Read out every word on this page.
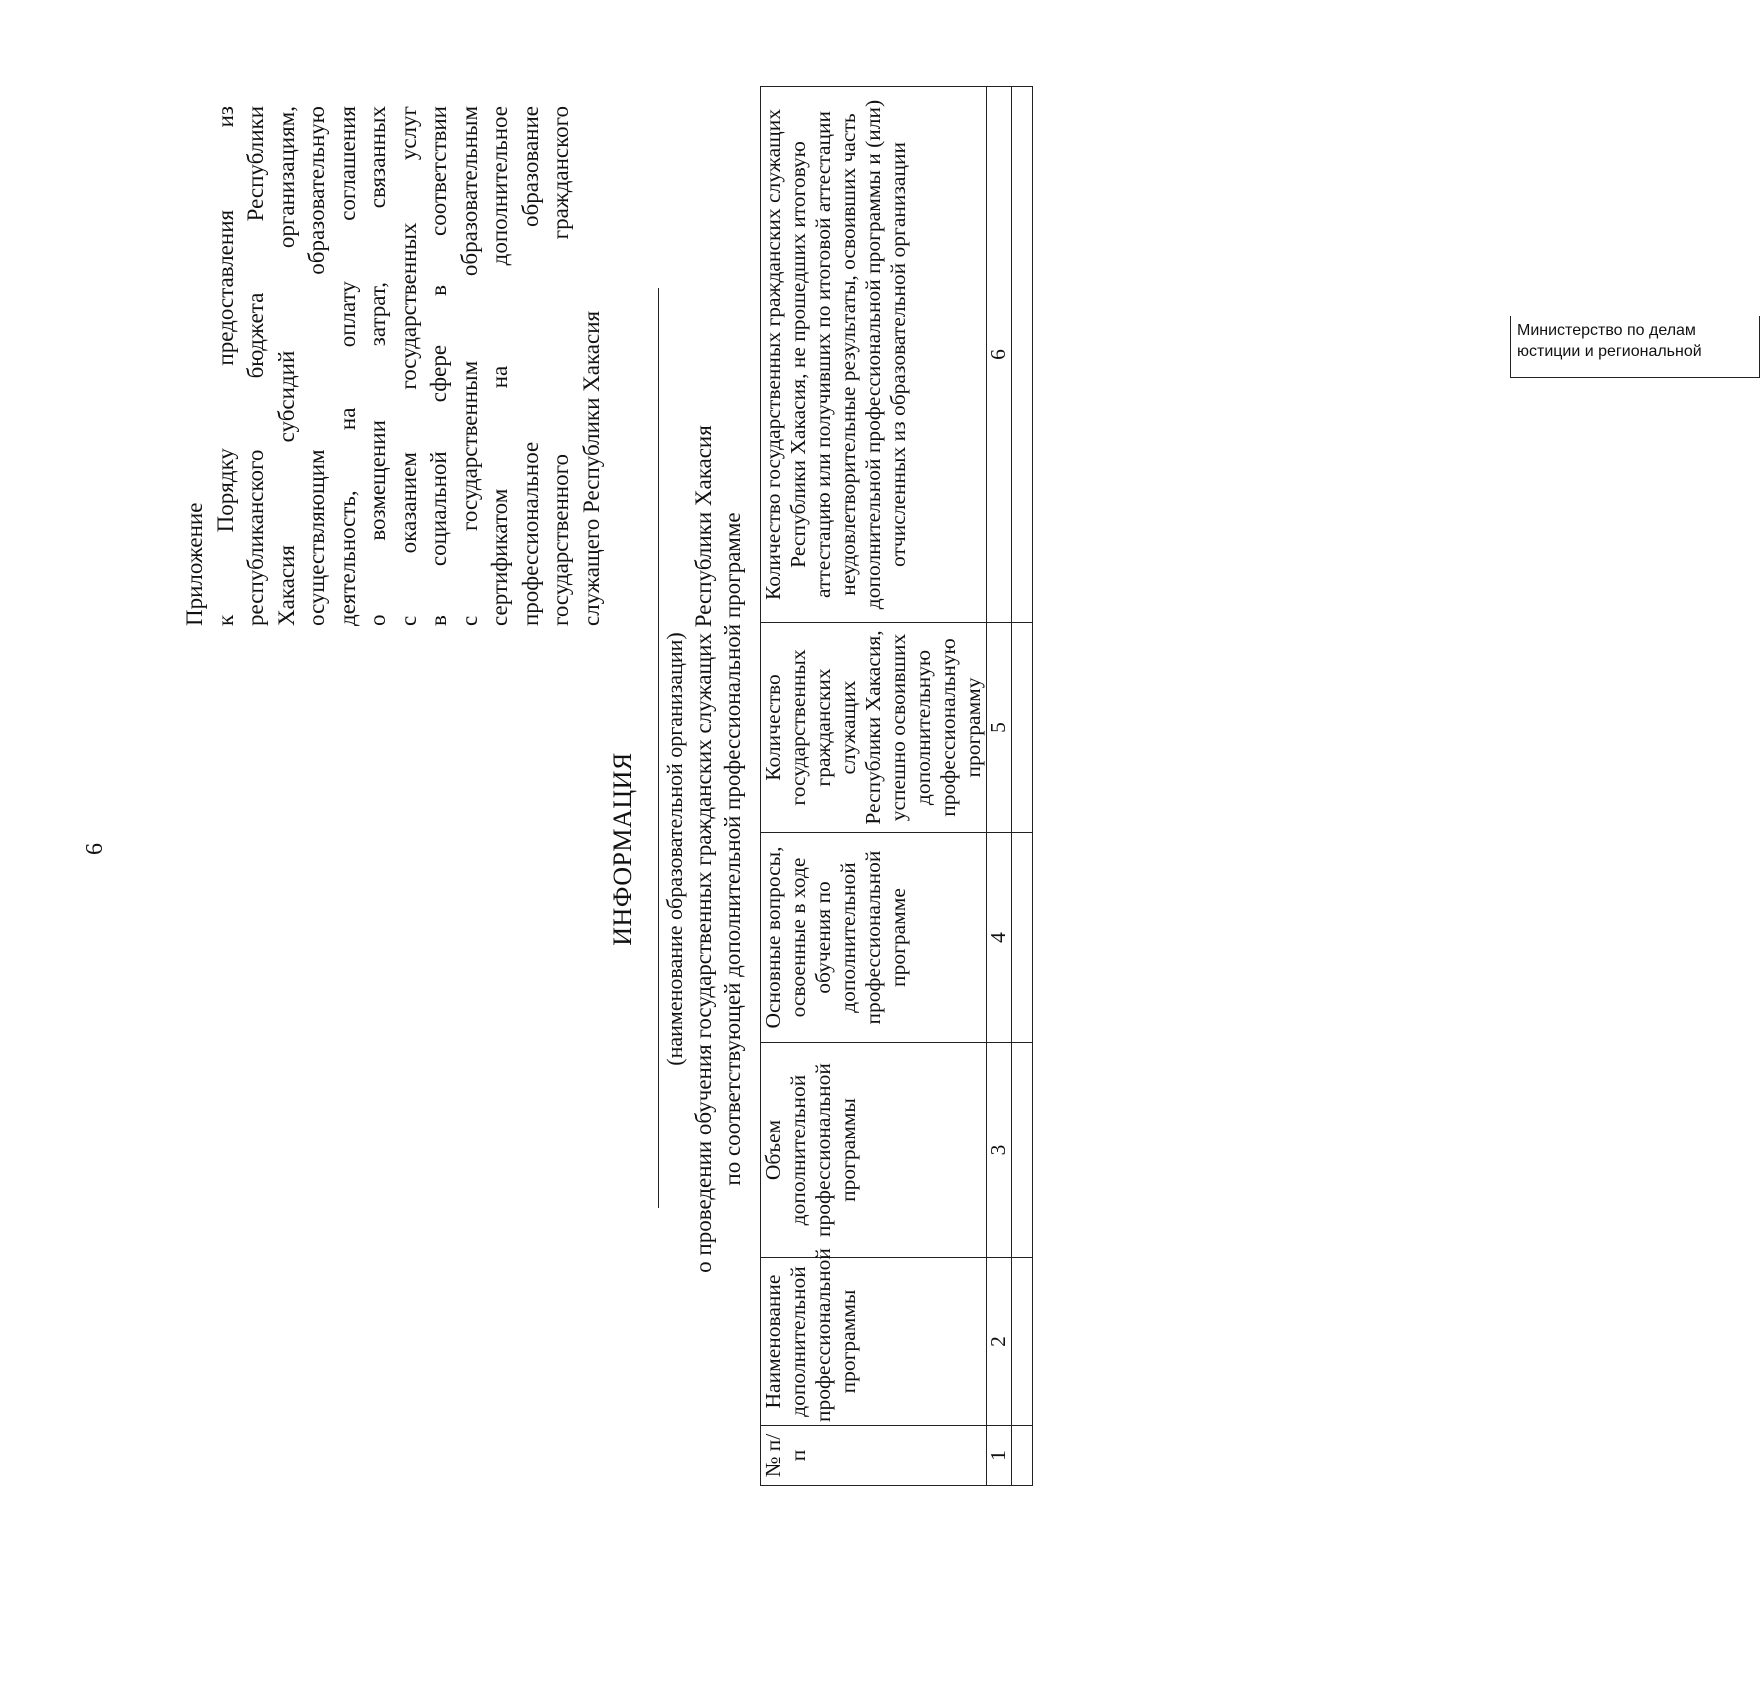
6

Приложение к Порядку предоставления из республиканского бюджета Республики Хакасия субсидий организациям, осуществляющим образовательную деятельность, на оплату соглашения о возмещении затрат, связанных с оказанием государственных услуг в социальной сфере в соответствии с государственным образовательным сертификатом на дополнительное профессиональное образование государственного гражданского служащего Республики Хакасия

ИНФОРМАЦИЯ (наименование образовательной организации) о проведении обучения государственных гражданских служащих Республики Хакасия по соответствующей дополнительной профессиональной программе
№ п/п	Наименование дополнительной профессиональной программы	Объем дополнительной профессиональной программы	Основные вопросы, освоенные в ходе обучения по дополнительной профессиональной программе	Количество государственных гражданских служащих Республики Хакасия, успешно освоивших дополнительную профессиональную программу	Количество государственных гражданских служащих Республики Хакасия, не прошедших итоговую аттестацию или получивших по итоговой аттестации неудовлетворительные результаты, освоивших часть дополнительной профессиональной программы и (или) отчисленных из образовательной организации
1	2	3	4	5	6

Министерство по делам
юстиции и региональной
